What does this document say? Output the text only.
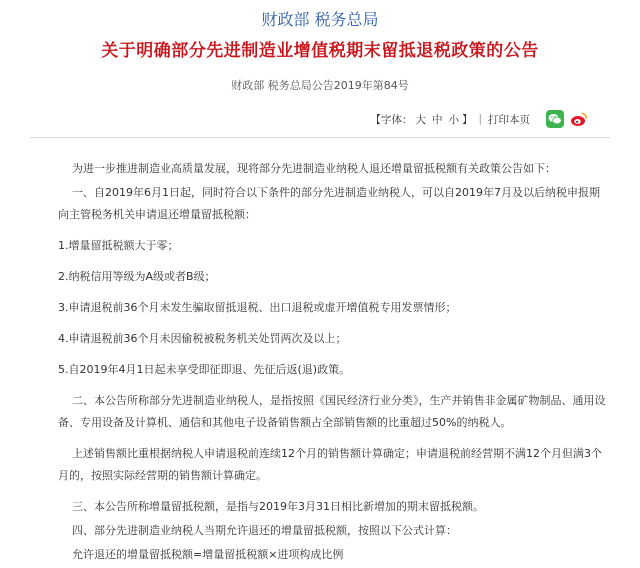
财政部 税务总局
关于明确部分先进制造业增值税期末留抵退税政策的公告
财政部 税务总局公告2019年第84号
【字体： 大 中 小 】 | 打印本页

为进一步推进制造业高质量发展，现将部分先进制造业纳税人退还增量留抵税额有关政策公告如下：

一、自2019年6月1日起，同时符合以下条件的部分先进制造业纳税人，可以自2019年7月及以后纳税申报期向主管税务机关申请退还增量留抵税额：

1.增量留抵税额大于零；

2.纳税信用等级为A级或者B级；

3.申请退税前36个月未发生骗取留抵退税、出口退税或虚开增值税专用发票情形；

4.申请退税前36个月未因偷税被税务机关处罚两次及以上；

5.自2019年4月1日起未享受即征即退、先征后返(退)政策。

二、本公告所称部分先进制造业纳税人，是指按照《国民经济行业分类》，生产并销售非金属矿物制品、通用设备、专用设备及计算机、通信和其他电子设备销售额占全部销售额的比重超过50%的纳税人。

上述销售额比重根据纳税人申请退税前连续12个月的销售额计算确定；申请退税前经营期不满12个月但满3个月的，按照实际经营期的销售额计算确定。

三、本公告所称增量留抵税额，是指与2019年3月31日相比新增加的期末留抵税额。

四、部分先进制造业纳税人当期允许退还的增量留抵税额，按照以下公式计算：

允许退还的增量留抵税额=增量留抵税额×进项构成比例
